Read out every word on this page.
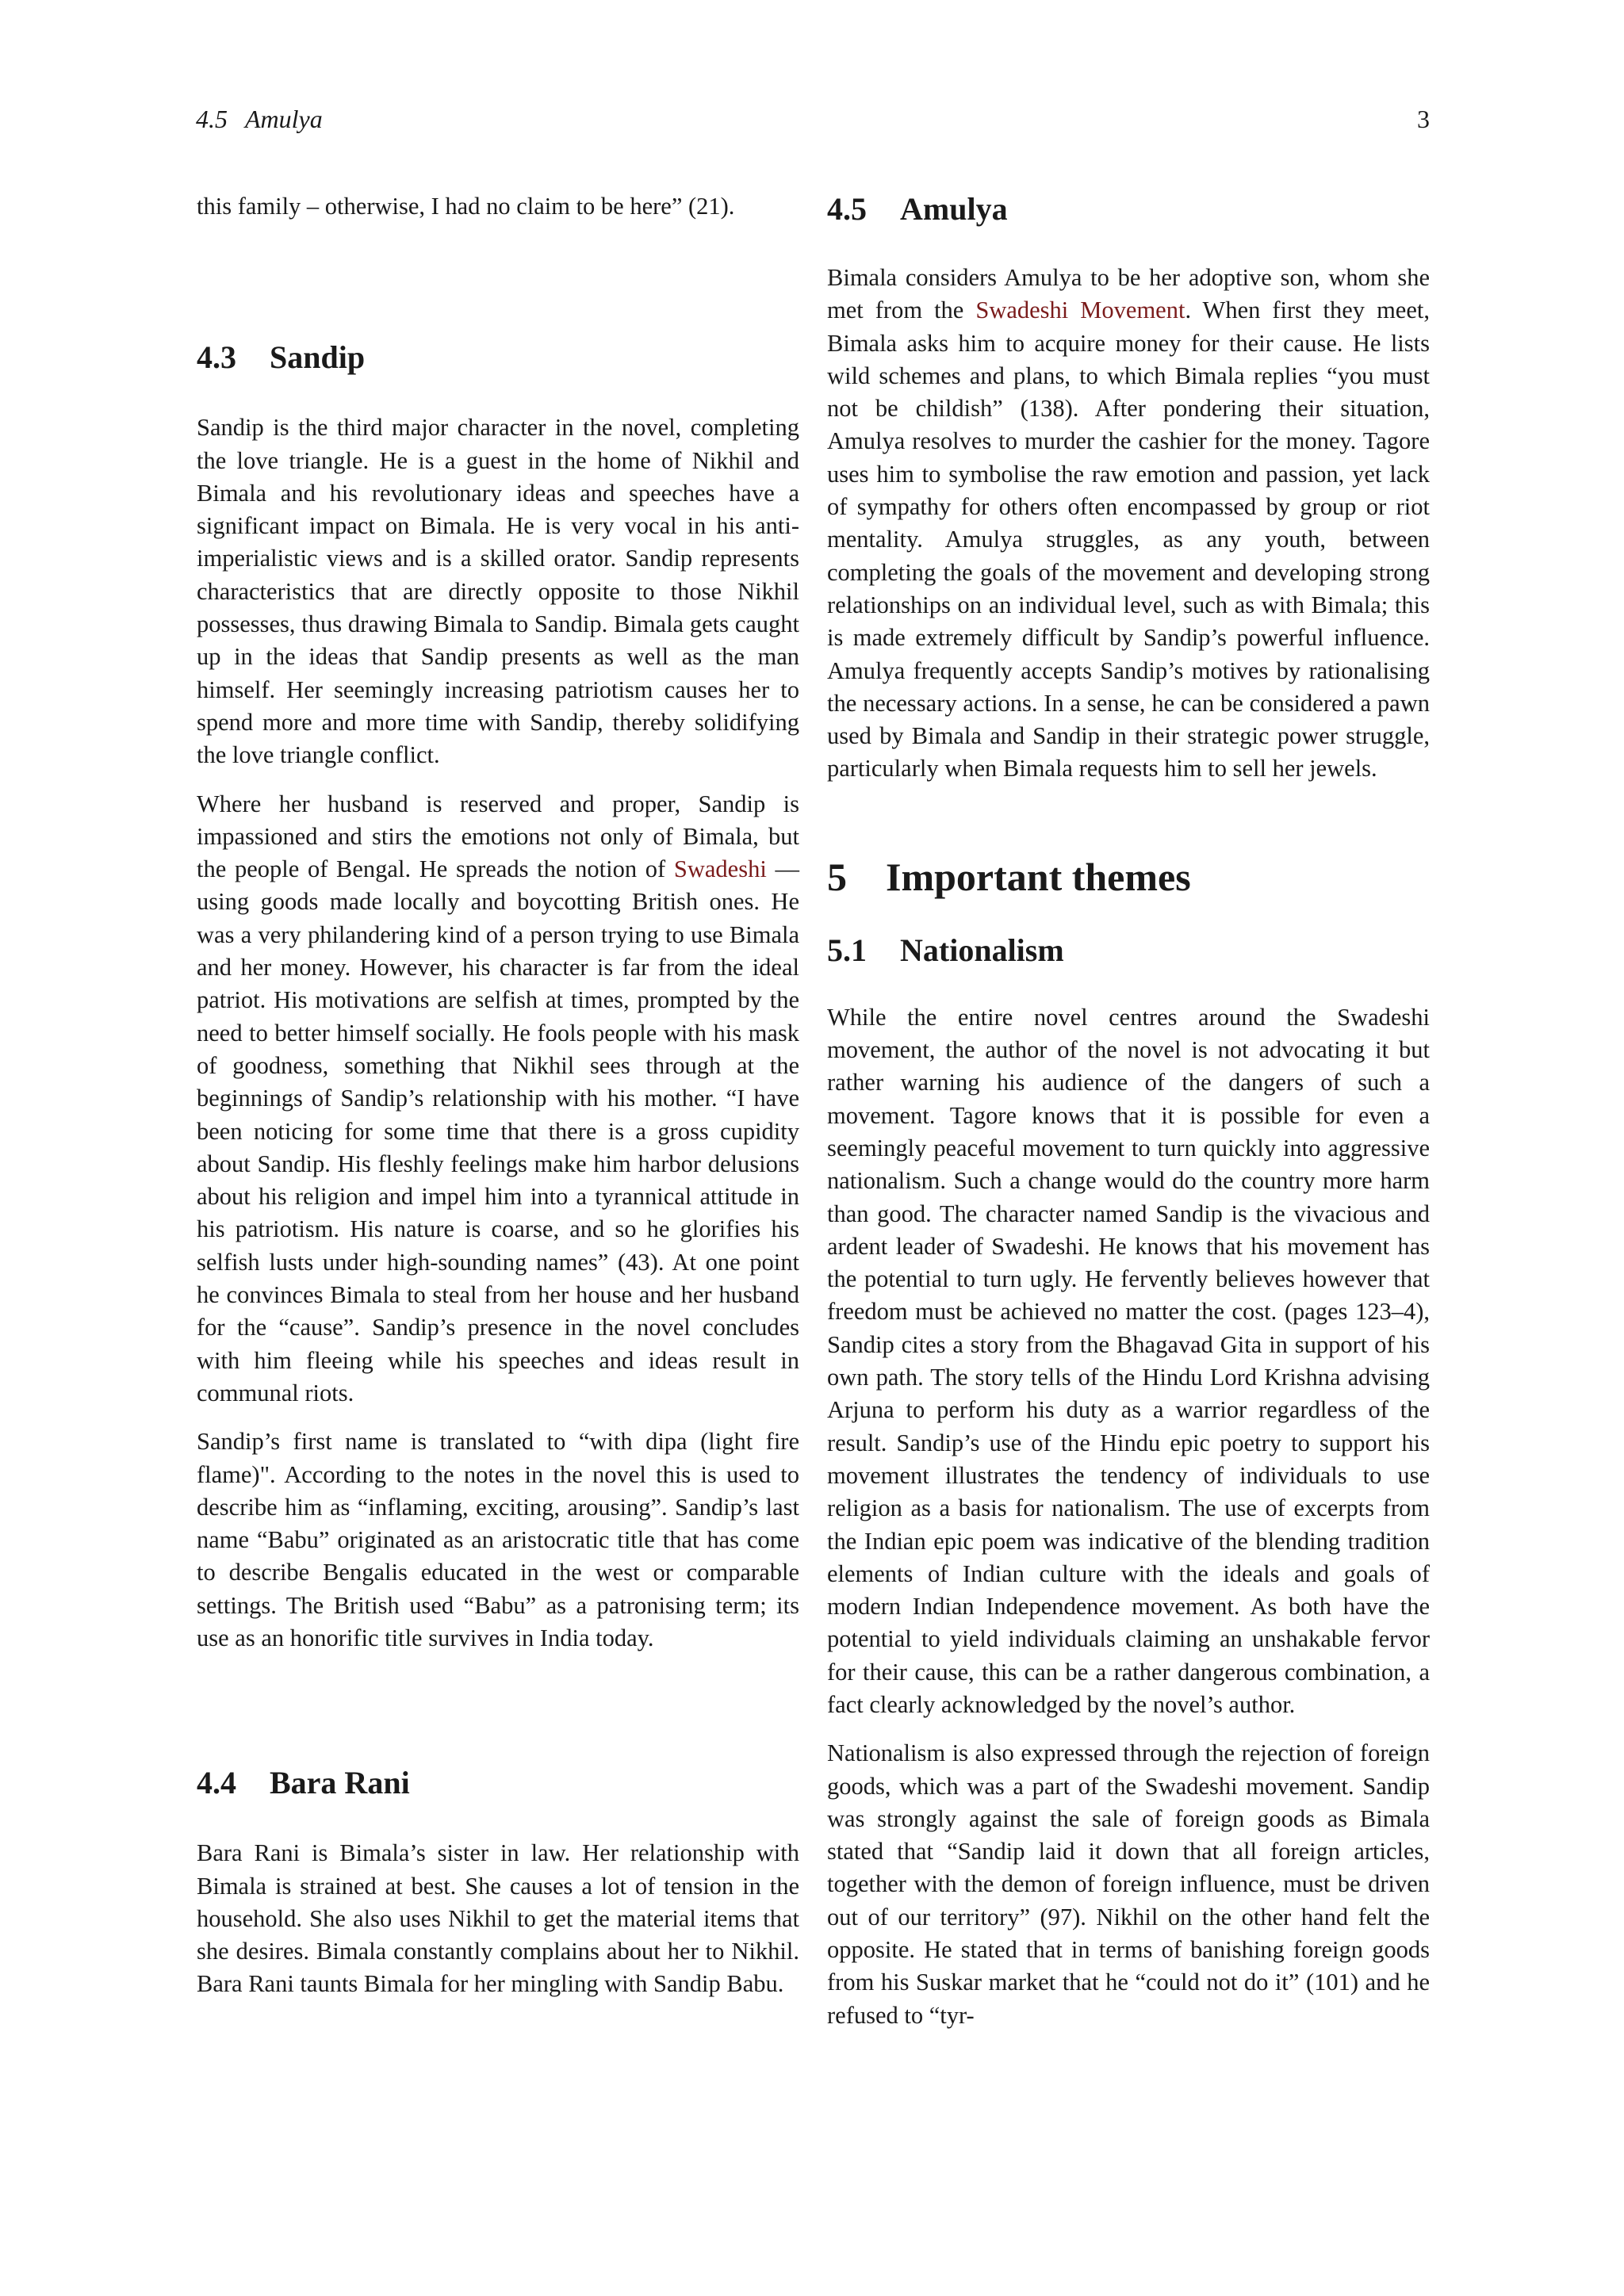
4.5 Amulya	3

this family – otherwise, I had no claim to be here” (21).

4.3 Sandip

Sandip is the third major character in the novel, completing the love triangle. He is a guest in the home of Nikhil and Bimala and his revolutionary ideas and speeches have a significant impact on Bimala. He is very vocal in his anti-imperialistic views and is a skilled orator. Sandip represents characteristics that are directly opposite to those Nikhil possesses, thus drawing Bimala to Sandip. Bimala gets caught up in the ideas that Sandip presents as well as the man himself. Her seemingly increasing patriotism causes her to spend more and more time with Sandip, thereby solidifying the love triangle conflict.

Where her husband is reserved and proper, Sandip is impassioned and stirs the emotions not only of Bimala, but the people of Bengal. He spreads the notion of Swadeshi — using goods made locally and boycotting British ones. He was a very philandering kind of a person trying to use Bimala and her money. However, his character is far from the ideal patriot. His motivations are selfish at times, prompted by the need to better himself socially. He fools people with his mask of goodness, something that Nikhil sees through at the beginnings of Sandip’s relationship with his mother. “I have been noticing for some time that there is a gross cupidity about Sandip. His fleshly feelings make him harbor delusions about his religion and impel him into a tyrannical attitude in his patriotism. His nature is coarse, and so he glorifies his selfish lusts under high-sounding names” (43). At one point he convinces Bimala to steal from her house and her husband for the “cause”. Sandip’s presence in the novel concludes with him fleeing while his speeches and ideas result in communal riots.

Sandip’s first name is translated to “with dipa (light fire flame)". According to the notes in the novel this is used to describe him as “inflaming, exciting, arousing”. Sandip’s last name “Babu” originated as an aristocratic title that has come to describe Bengalis educated in the west or comparable settings. The British used “Babu” as a patronising term; its use as an honorific title survives in India today.

4.4 Bara Rani

Bara Rani is Bimala’s sister in law. Her relationship with Bimala is strained at best. She causes a lot of tension in the household. She also uses Nikhil to get the material items that she desires. Bimala constantly complains about her to Nikhil. Bara Rani taunts Bimala for her mingling with Sandip Babu.

4.5 Amulya

Bimala considers Amulya to be her adoptive son, whom she met from the Swadeshi Movement. When first they meet, Bimala asks him to acquire money for their cause. He lists wild schemes and plans, to which Bimala replies “you must not be childish” (138). After pondering their situation, Amulya resolves to murder the cashier for the money. Tagore uses him to symbolise the raw emotion and passion, yet lack of sympathy for others often encompassed by group or riot mentality. Amulya struggles, as any youth, between completing the goals of the movement and developing strong relationships on an individual level, such as with Bimala; this is made extremely difficult by Sandip’s powerful influence. Amulya frequently accepts Sandip’s motives by rationalising the necessary actions. In a sense, he can be considered a pawn used by Bimala and Sandip in their strategic power struggle, particularly when Bimala requests him to sell her jewels.

5 Important themes
5.1 Nationalism

While the entire novel centres around the Swadeshi movement, the author of the novel is not advocating it but rather warning his audience of the dangers of such a movement. Tagore knows that it is possible for even a seemingly peaceful movement to turn quickly into aggressive nationalism. Such a change would do the country more harm than good. The character named Sandip is the vivacious and ardent leader of Swadeshi. He knows that his movement has the potential to turn ugly. He fervently believes however that freedom must be achieved no matter the cost. (pages 123–4), Sandip cites a story from the Bhagavad Gita in support of his own path. The story tells of the Hindu Lord Krishna advising Arjuna to perform his duty as a warrior regardless of the result. Sandip’s use of the Hindu epic poetry to support his movement illustrates the tendency of individuals to use religion as a basis for nationalism. The use of excerpts from the Indian epic poem was indicative of the blending tradition elements of Indian culture with the ideals and goals of modern Indian Independence movement. As both have the potential to yield individuals claiming an unshakable fervor for their cause, this can be a rather dangerous combination, a fact clearly acknowledged by the novel’s author.

Nationalism is also expressed through the rejection of foreign goods, which was a part of the Swadeshi movement. Sandip was strongly against the sale of foreign goods as Bimala stated that “Sandip laid it down that all foreign articles, together with the demon of foreign influence, must be driven out of our territory” (97). Nikhil on the other hand felt the opposite. He stated that in terms of banishing foreign goods from his Suskar market that he “could not do it” (101) and he refused to “tyr-
